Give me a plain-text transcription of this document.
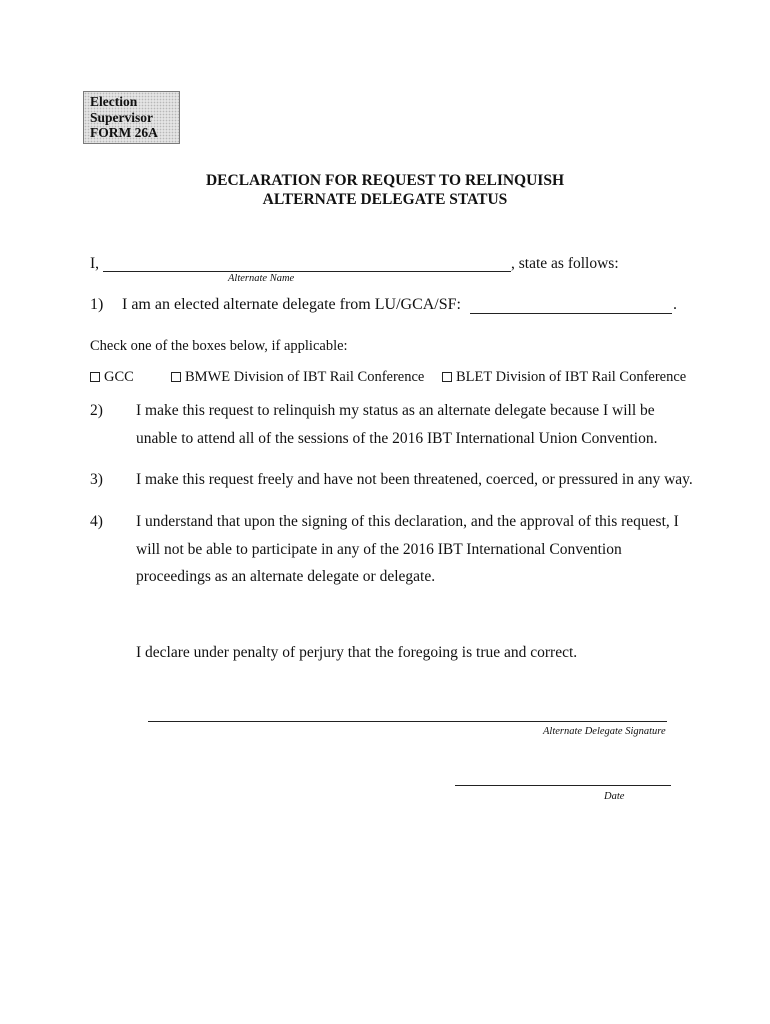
Election
Supervisor
FORM 26A
DECLARATION FOR REQUEST TO RELINQUISH
ALTERNATE DELEGATE STATUS
I,	, state as follows:
Alternate Name
1) I am an elected alternate delegate from LU/GCA/SF:	.
Check one of the boxes below, if applicable:
GCC	BMWE Division of IBT Rail Conference	BLET Division of IBT Rail Conference
2) I make this request to relinquish my status as an alternate delegate because I will be
unable to attend all of the sessions of the 2016 IBT International Union Convention.
3) I make this request freely and have not been threatened, coerced, or pressured in any way.
4) I understand that upon the signing of this declaration, and the approval of this request, I
will not be able to participate in any of the 2016 IBT International Convention
proceedings as an alternate delegate or delegate.
I declare under penalty of perjury that the foregoing is true and correct.
Alternate Delegate Signature
Date
